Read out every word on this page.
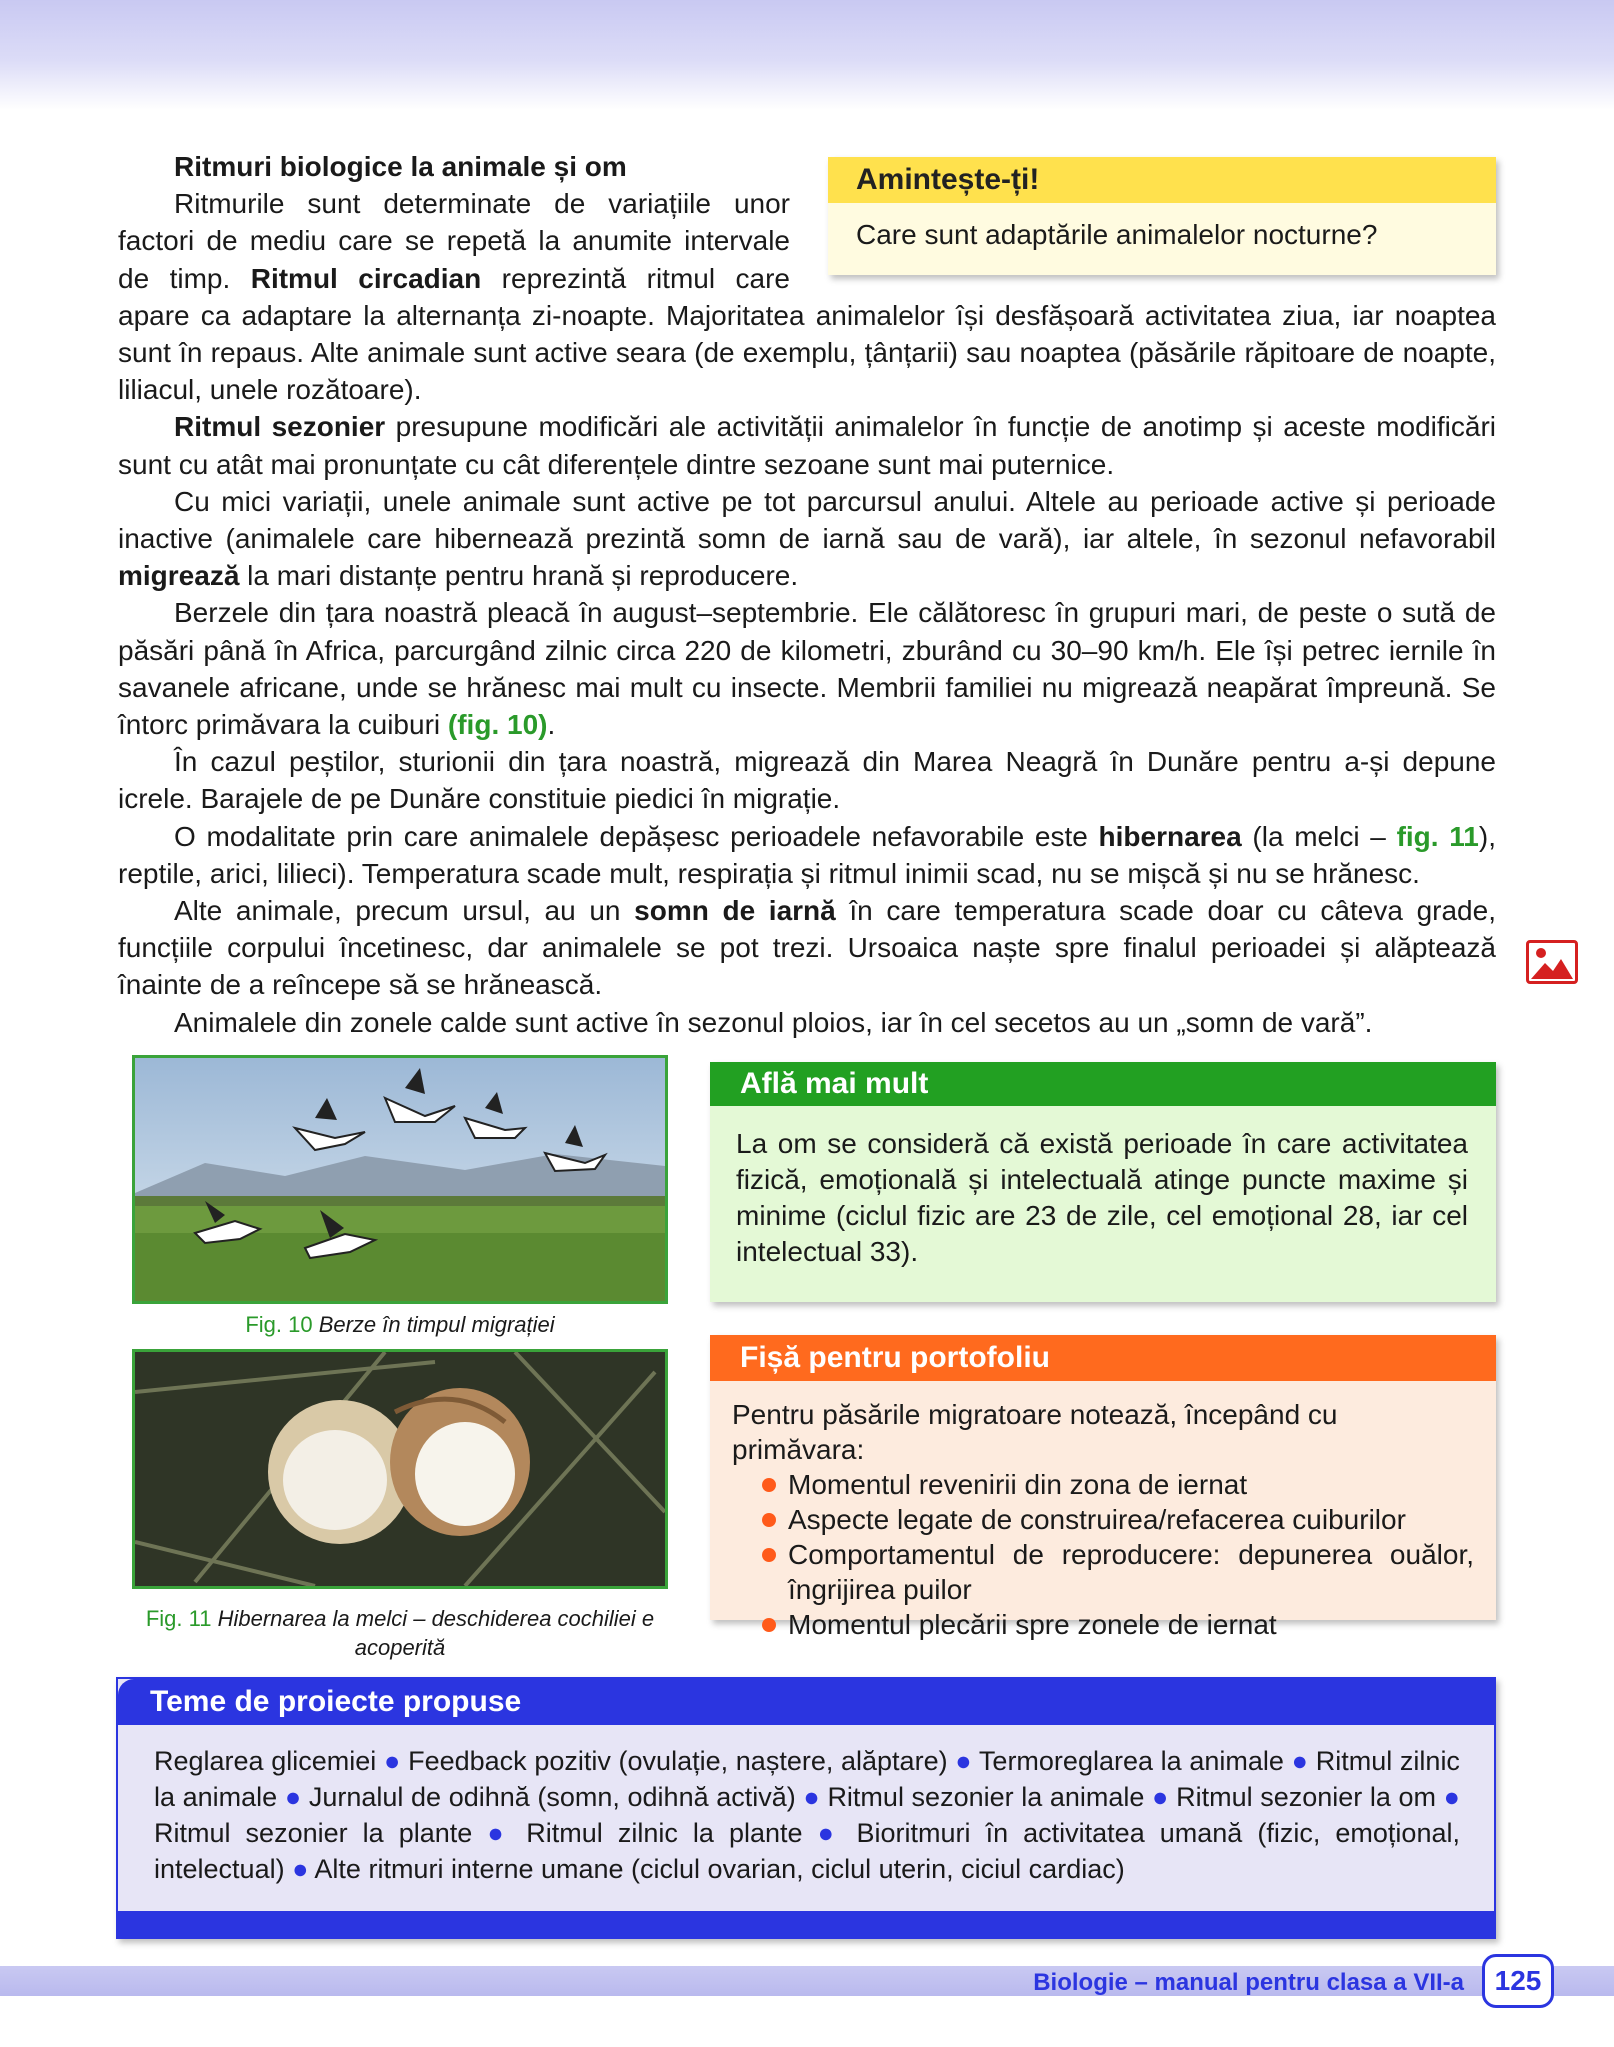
Ritmuri biologice la animale și om

Ritmurile sunt determinate de variațiile unor factori de mediu care se repetă la anumite intervale de timp. Ritmul circadian reprezintă ritmul care apare ca adaptare la alternanța zi-noapte. Majoritatea animalelor își desfășoară activitatea ziua, iar noaptea sunt în repaus. Alte animale sunt active seara (de exemplu, țânțarii) sau noaptea (păsările răpitoare de noapte, liliacul, unele rozătoare).

Ritmul sezonier presupune modificări ale activității animalelor în funcție de anotimp și aceste modificări sunt cu atât mai pronunțate cu cât diferențele dintre sezoane sunt mai puternice.

Cu mici variații, unele animale sunt active pe tot parcursul anului. Altele au perioade active și perioade inactive (animalele care hibernează prezintă somn de iarnă sau de vară), iar altele, în sezonul nefavorabil migrează la mari distanțe pentru hrană și reproducere.

Berzele din țara noastră pleacă în august–septembrie. Ele călătoresc în grupuri mari, de peste o sută de păsări până în Africa, parcurgând zilnic circa 220 de kilometri, zburând cu 30–90 km/h. Ele își petrec iernile în savanele africane, unde se hrănesc mai mult cu insecte. Membrii familiei nu migrează neapărat împreună. Se întorc primăvara la cuiburi (fig. 10).

În cazul peștilor, sturionii din țara noastră, migrează din Marea Neagră în Dunăre pentru a-și depune icrele. Barajele de pe Dunăre constituie piedici în migrație.

O modalitate prin care animalele depășesc perioadele nefavorabile este hibernarea (la melci – fig. 11), reptile, arici, lilieci). Temperatura scade mult, respirația și ritmul inimii scad, nu se mișcă și nu se hrănesc.

Alte animale, precum ursul, au un somn de iarnă în care temperatura scade doar cu câteva grade, funcțiile corpului încetinesc, dar animalele se pot trezi. Ursoaica naște spre finalul perioadei și alăptează înainte de a reîncepe să se hrănească.

Animalele din zonele calde sunt active în sezonul ploios, iar în cel secetos au un „somn de vară”.

Amintește-ți!
Care sunt adaptările animalelor nocturne?
Fig. 10 Berze în timpul migrației
Fig. 11 Hibernarea la melci – deschiderea cochiliei e acoperită
Află mai mult
La om se consideră că există perioade în care activitatea fizică, emoțională și intelectuală atinge puncte maxime și minime (ciclul fizic are 23 de zile, cel emoțional 28, iar cel intelectual 33).
Fișă pentru portofoliu
Pentru păsările migratoare notează, începând cu primăvara:
Momentul revenirii din zona de iernat
Aspecte legate de construirea/refacerea cuiburilor
Comportamentul de reproducere: depunerea ouălor, îngrijirea puilor
Momentul plecării spre zonele de iernat
Teme de proiecte propuse
Reglarea glicemiei ● Feedback pozitiv (ovulație, naștere, alăptare) ● Termoreglarea la animale ● Ritmul zilnic la animale ● Jurnalul de odihnă (somn, odihnă activă) ● Ritmul sezonier la animale ● Ritmul sezonier la om ● Ritmul sezonier la plante ● Ritmul zilnic la plante ● Bioritmuri în activitatea umană (fizic, emoțional, intelectual) ● Alte ritmuri interne umane (ciclul ovarian, ciclul uterin, ciciul cardiac)
Biologie – manual pentru clasa a VII-a	125
